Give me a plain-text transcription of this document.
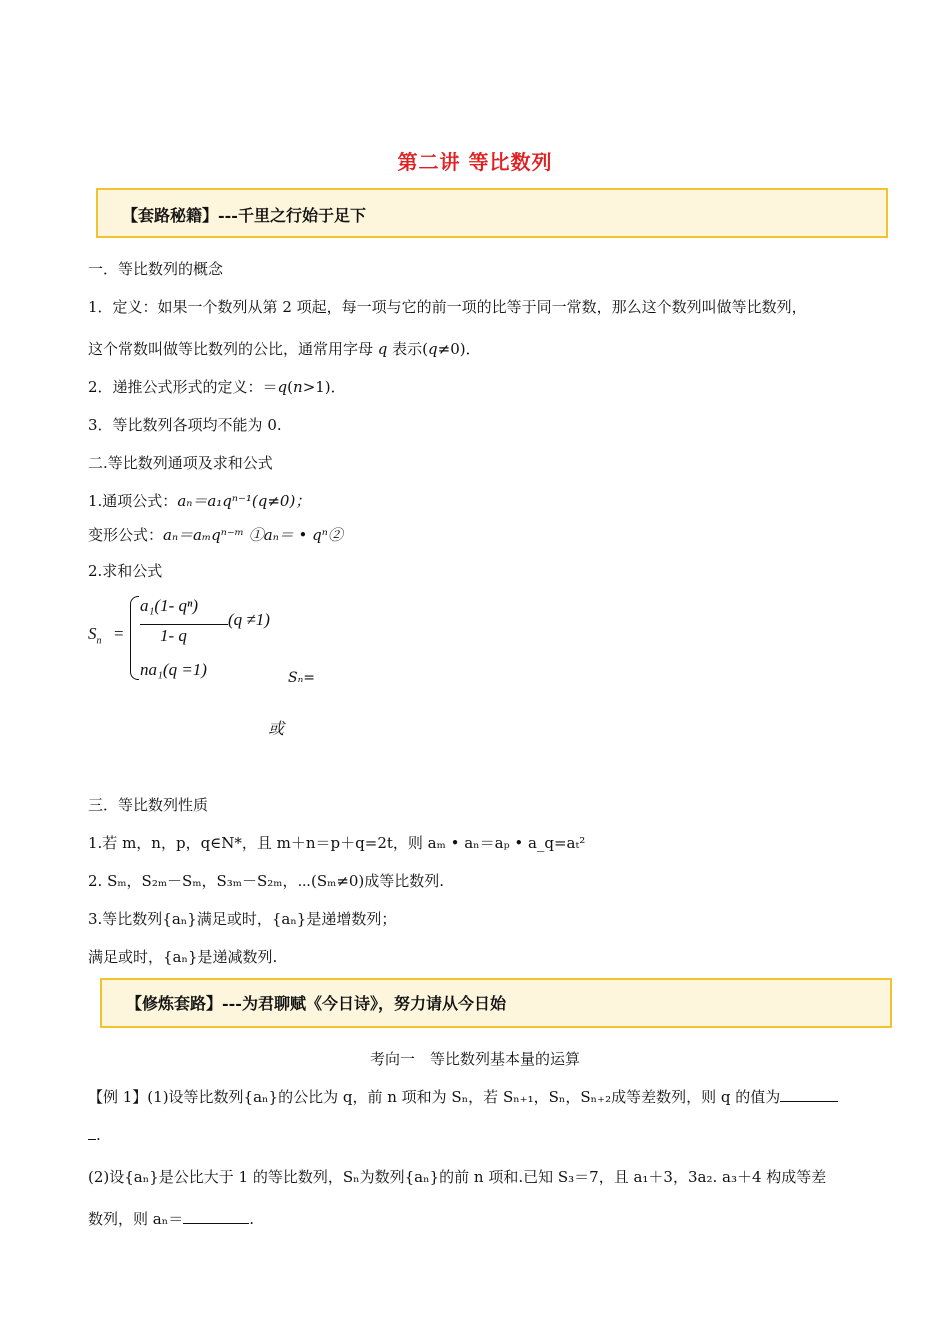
第二讲 等比数列
【套路秘籍】---千里之行始于足下
一．等比数列的概念
1．定义：如果一个数列从第 2 项起，每一项与它的前一项的比等于同一常数，那么这个数列叫做等比数列，
这个常数叫做等比数列的公比，通常用字母 q 表示(q≠0)．
2．递推公式形式的定义：＝q(n>1)．
3．等比数列各项均不能为 0.
二.等比数列通项及求和公式
1.通项公式：aₙ＝a₁qⁿ⁻¹(q≠0)；
变形公式：aₙ＝aₘqⁿ⁻ᵐ ①aₙ＝ • qⁿ②
2.求和公式
$S_n$ =
a₁(1- qⁿ)
1- q
(q ≠1)
na₁(q =1)	Sₙ=
或
三．等比数列性质
1.若 m，n，p，q∈N*，且 m＋n＝p＋q=2t，则 aₘ • aₙ＝aₚ • a_q=aₜ²
2. Sₘ，S₂ₘ－Sₘ，S₃ₘ－S₂ₘ，⋯(Sₘ≠0)成等比数列.
3.等比数列{aₙ}满足或时，{aₙ}是递增数列；
满足或时，{aₙ}是递减数列.
【修炼套路】---为君聊赋《今日诗》，努力请从今日始
考向一　等比数列基本量的运算
【例 1】(1)设等比数列{aₙ}的公比为 q，前 n 项和为 Sₙ，若 Sₙ₊₁，Sₙ，Sₙ₊₂成等差数列，则 q 的值为
.
(2)设{aₙ}是公比大于 1 的等比数列，Sₙ为数列{aₙ}的前 n 项和.已知 S₃＝7，且 a₁＋3，3a₂. a₃＋4 构成等差
数列，则 aₙ＝	.
